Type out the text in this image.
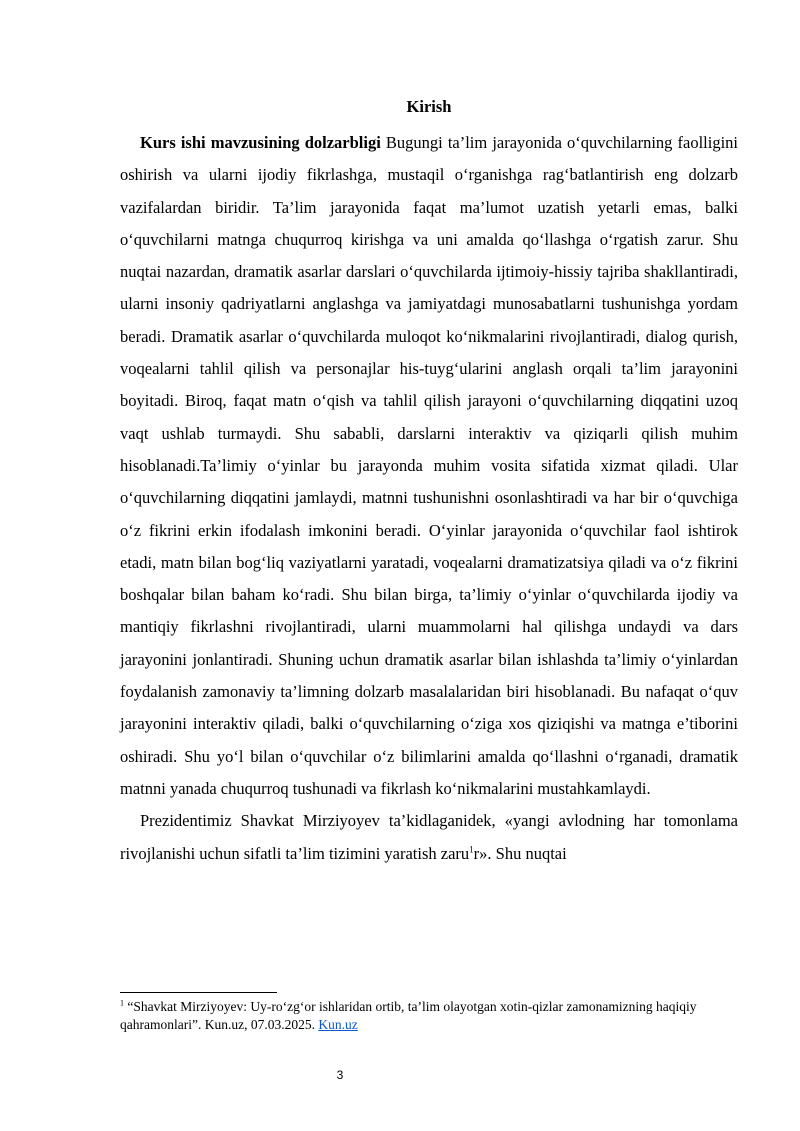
Kirish

Kurs ishi mavzusining dolzarbligi Bugungi ta’lim jarayonida o‘quvchilarning faolligini oshirish va ularni ijodiy fikrlashga, mustaqil o‘rganishga rag‘batlantirish eng dolzarb vazifalardan biridir. Ta’lim jarayonida faqat ma’lumot uzatish yetarli emas, balki o‘quvchilarni matnga chuqurroq kirishga va uni amalda qo‘llashga o‘rgatish zarur. Shu nuqtai nazardan, dramatik asarlar darslari o‘quvchilarda ijtimoiy-hissiy tajriba shakllantiradi, ularni insoniy qadriyatlarni anglashga va jamiyatdagi munosabatlarni tushunishga yordam beradi. Dramatik asarlar o‘quvchilarda muloqot ko‘nikmalarini rivojlantiradi, dialog qurish, voqealarni tahlil qilish va personajlar his-tuyg‘ularini anglash orqali ta’lim jarayonini boyitadi. Biroq, faqat matn o‘qish va tahlil qilish jarayoni o‘quvchilarning diqqatini uzoq vaqt ushlab turmaydi. Shu sababli, darslarni interaktiv va qiziqarli qilish muhim hisoblanadi.Ta’limiy o‘yinlar bu jarayonda muhim vosita sifatida xizmat qiladi. Ular o‘quvchilarning diqqatini jamlaydi, matnni tushunishni osonlashtiradi va har bir o‘quvchiga o‘z fikrini erkin ifodalash imkonini beradi. O‘yinlar jarayonida o‘quvchilar faol ishtirok etadi, matn bilan bog‘liq vaziyatlarni yaratadi, voqealarni dramatizatsiya qiladi va o‘z fikrini boshqalar bilan baham ko‘radi. Shu bilan birga, ta’limiy o‘yinlar o‘quvchilarda ijodiy va mantiqiy fikrlashni rivojlantiradi, ularni muammolarni hal qilishga undaydi va dars jarayonini jonlantiradi. Shuning uchun dramatik asarlar bilan ishlashda ta’limiy o‘yinlardan foydalanish zamonaviy ta’limning dolzarb masalalaridan biri hisoblanadi. Bu nafaqat o‘quv jarayonini interaktiv qiladi, balki o‘quvchilarning o‘ziga xos qiziqishi va matnga e’tiborini oshiradi. Shu yo‘l bilan o‘quvchilar o‘z bilimlarini amalda qo‘llashni o‘rganadi, dramatik matnni yanada chuqurroq tushunadi va fikrlash ko‘nikmalarini mustahkamlaydi.

Prezidentimiz Shavkat Mirziyoyev ta’kidlaganidek, «yangi avlodning har tomonlama rivojlanishi uchun sifatli ta’lim tizimini yaratish zaru$^1$r». Shu nuqtai

$^1$ “Shavkat Mirziyoyev: Uy-ro‘zg‘or ishlaridan ortib, ta’lim olayotgan xotin-qizlar zamonamizning haqiqiy qahramonlari”. Kun.uz, 07.03.2025. Kun.uz
3
